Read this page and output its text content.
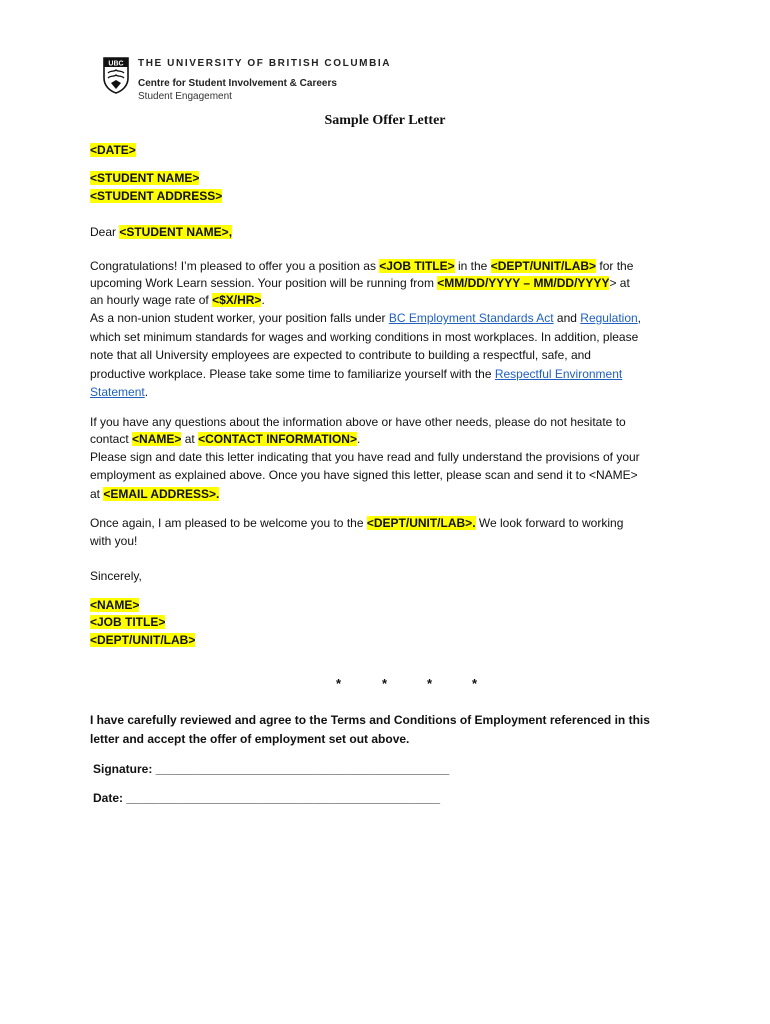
UBC THE UNIVERSITY OF BRITISH COLUMBIA
Centre for Student Involvement & Careers
Student Engagement
Sample Offer Letter
<DATE>
<STUDENT NAME>
<STUDENT ADDRESS>
Dear <STUDENT NAME>,
Congratulations! I’m pleased to offer you a position as <JOB TITLE> in the <DEPT/UNIT/LAB> for the
upcoming Work Learn session. Your position will be running from <MM/DD/YYYY – MM/DD/YYYY> at
an hourly wage rate of <$X/HR>.
As a non-union student worker, your position falls under BC Employment Standards Act and Regulation,
which set minimum standards for wages and working conditions in most workplaces. In addition, please
note that all University employees are expected to contribute to building a respectful, safe, and
productive workplace. Please take some time to familiarize yourself with the Respectful Environment
Statement.
If you have any questions about the information above or have other needs, please do not hesitate to
contact <NAME> at <CONTACT INFORMATION>.
Please sign and date this letter indicating that you have read and fully understand the provisions of your
employment as explained above. Once you have signed this letter, please scan and send it to <NAME>
at <EMAIL ADDRESS>.
Once again, I am pleased to be welcome you to the <DEPT/UNIT/LAB>. We look forward to working
with you!
Sincerely,
<NAME>
<JOB TITLE>
<DEPT/UNIT/LAB>
*	*	*	*
I have carefully reviewed and agree to the Terms and Conditions of Employment referenced in this
letter and accept the offer of employment set out above.
Signature: ____________________________________________
Date: _______________________________________________
